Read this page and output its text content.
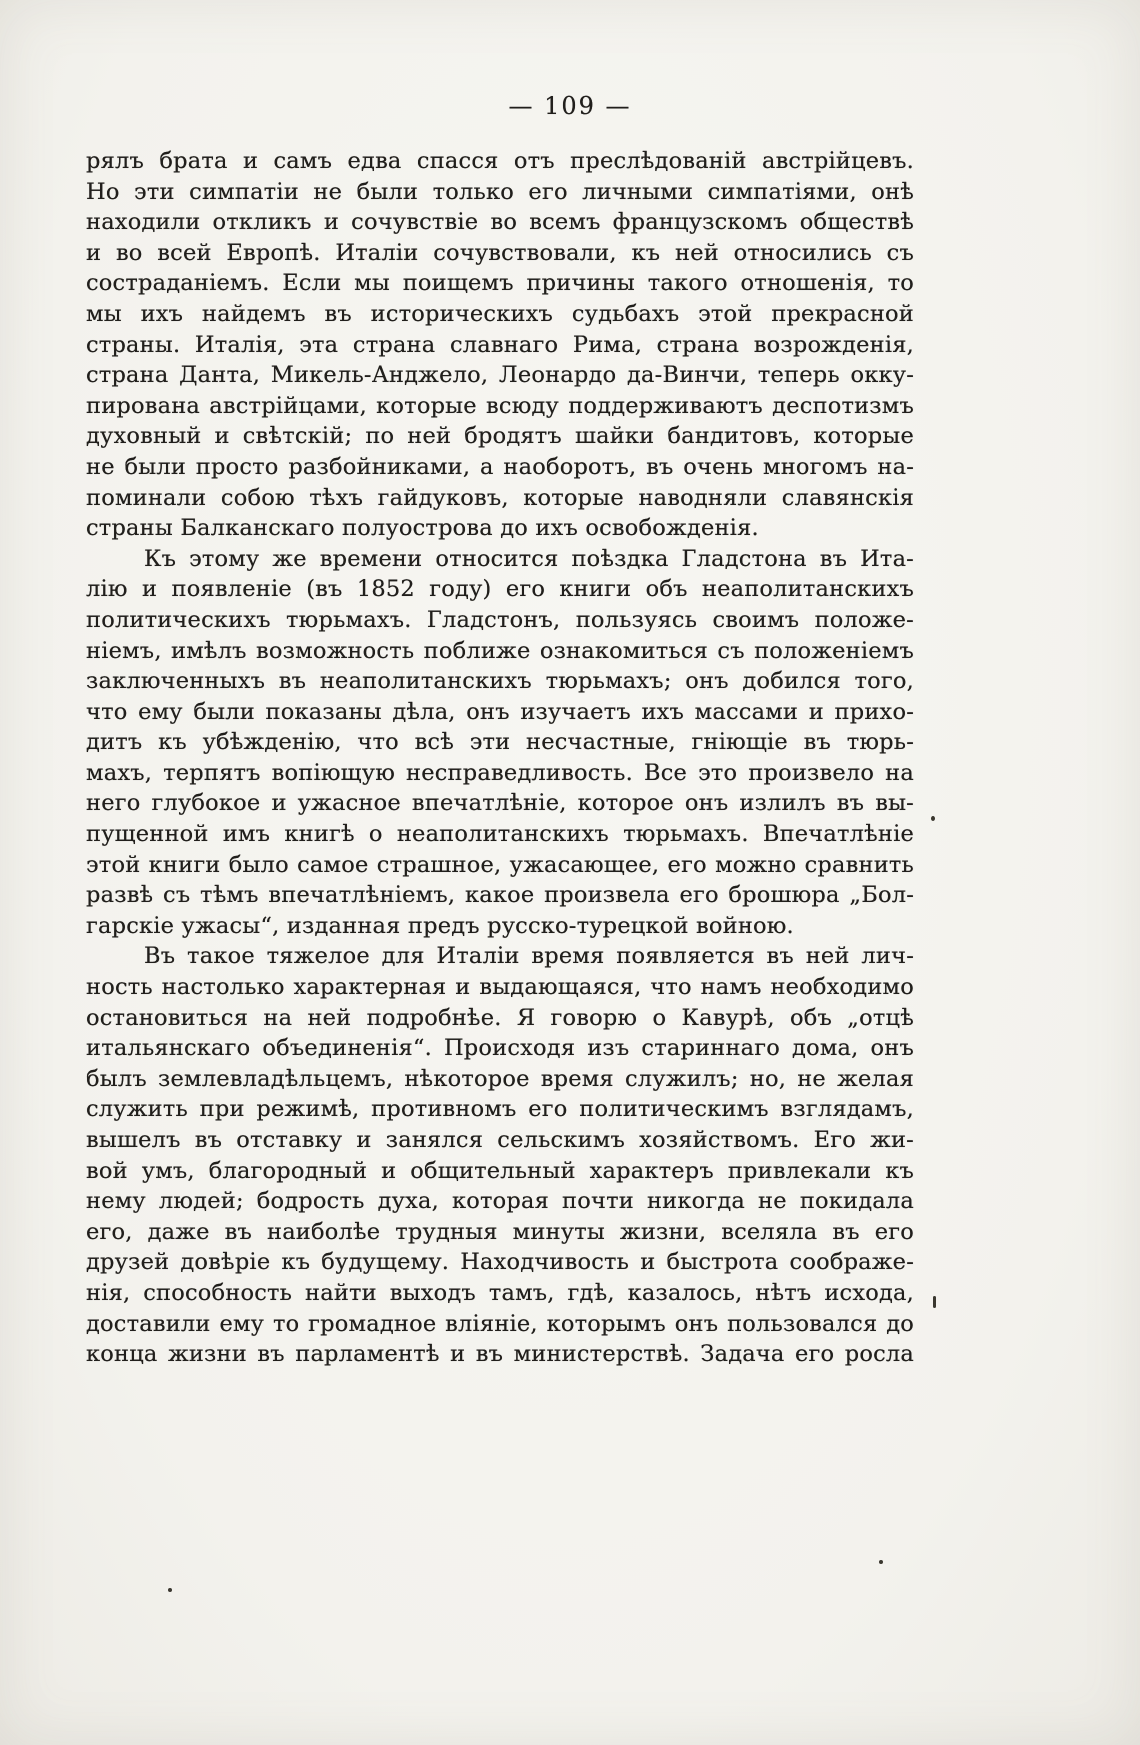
— 109 —
рялъ брата и самъ едва спасся отъ преслѣдованій австрійцевъ.
Но эти симпатіи не были только его личными симпатіями, онѣ
находили откликъ и сочувствіе во всемъ французскомъ обществѣ
и во всей Европѣ. Италіи сочувствовали, къ ней относились съ
состраданіемъ. Если мы поищемъ причины такого отношенія, то
мы ихъ найдемъ въ историческихъ судьбахъ этой прекрасной
страны. Италія, эта страна славнаго Рима, страна возрожденія,
страна Данта, Микель-Анджело, Леонардо да-Винчи, теперь окку-
пирована австрійцами, которые всюду поддерживаютъ деспотизмъ
духовный и свѣтскій; по ней бродятъ шайки бандитовъ, которые
не были просто разбойниками, а наоборотъ, въ очень многомъ на-
поминали собою тѣхъ гайдуковъ, которые наводняли славянскія
страны Балканскаго полуострова до ихъ освобожденія.
Къ этому же времени относится поѣздка Гладстона въ Ита-
лію и появленіе (въ 1852 году) его книги объ неаполитанскихъ
политическихъ тюрьмахъ. Гладстонъ, пользуясь своимъ положе-
ніемъ, имѣлъ возможность поближе ознакомиться съ положеніемъ
заключенныхъ въ неаполитанскихъ тюрьмахъ; онъ добился того,
что ему были показаны дѣла, онъ изучаетъ ихъ массами и прихо-
дитъ къ убѣжденію, что всѣ эти несчастные, гніющіе въ тюрь-
махъ, терпятъ вопіющую несправедливость. Все это произвело на
него глубокое и ужасное впечатлѣніе, которое онъ излилъ въ вы-
пущенной имъ книгѣ о неаполитанскихъ тюрьмахъ. Впечатлѣніе
этой книги было самое страшное, ужасающее, его можно сравнить
развѣ съ тѣмъ впечатлѣніемъ, какое произвела его брошюра „Бол-
гарскіе ужасы“, изданная предъ русско-турецкой войною.
Въ такое тяжелое для Италіи время появляется въ ней лич-
ность настолько характерная и выдающаяся, что намъ необходимо
остановиться на ней подробнѣе. Я говорю о Кавурѣ, объ „отцѣ
итальянскаго объединенія“. Происходя изъ стариннаго дома, онъ
былъ землевладѣльцемъ, нѣкоторое время служилъ; но, не желая
служить при режимѣ, противномъ его политическимъ взглядамъ,
вышелъ въ отставку и занялся сельскимъ хозяйствомъ. Его жи-
вой умъ, благородный и общительный характеръ привлекали къ
нему людей; бодрость духа, которая почти никогда не покидала
его, даже въ наиболѣе трудныя минуты жизни, вселяла въ его
друзей довѣріе къ будущему. Находчивость и быстрота соображе-
нія, способность найти выходъ тамъ, гдѣ, казалось, нѣтъ исхода,
доставили ему то громадное вліяніе, которымъ онъ пользовался до
конца жизни въ парламентѣ и въ министерствѣ. Задача его росла
